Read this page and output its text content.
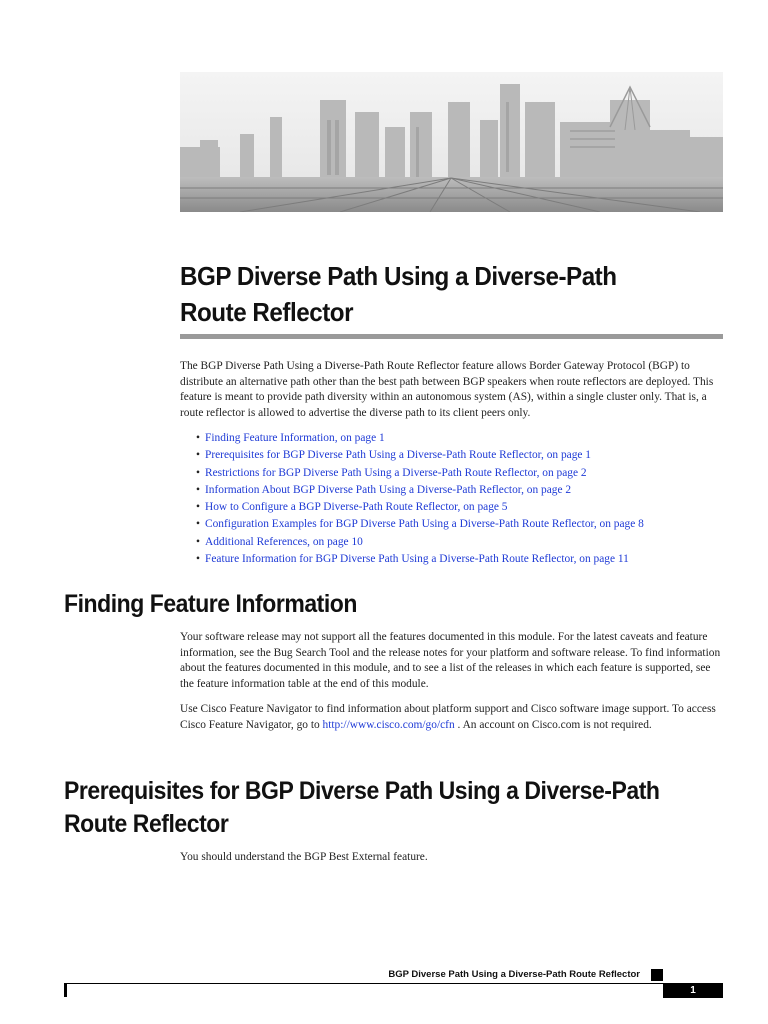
BGP Diverse Path Using a Diverse-Path Route Reflector

The BGP Diverse Path Using a Diverse-Path Route Reflector feature allows Border Gateway Protocol (BGP) to distribute an alternative path other than the best path between BGP speakers when route reflectors are deployed. This feature is meant to provide path diversity within an autonomous system (AS), within a single cluster only. That is, a route reflector is allowed to advertise the diverse path to its client peers only.

• Finding Feature Information, on page 1
• Prerequisites for BGP Diverse Path Using a Diverse-Path Route Reflector, on page 1
• Restrictions for BGP Diverse Path Using a Diverse-Path Route Reflector, on page 2
• Information About BGP Diverse Path Using a Diverse-Path Reflector, on page 2
• How to Configure a BGP Diverse-Path Route Reflector, on page 5
• Configuration Examples for BGP Diverse Path Using a Diverse-Path Route Reflector, on page 8
• Additional References, on page 10
• Feature Information for BGP Diverse Path Using a Diverse-Path Route Reflector, on page 11
Finding Feature Information

Your software release may not support all the features documented in this module. For the latest caveats and feature information, see the Bug Search Tool and the release notes for your platform and software release. To find information about the features documented in this module, and to see a list of the releases in which each feature is supported, see the feature information table at the end of this module.

Use Cisco Feature Navigator to find information about platform support and Cisco software image support. To access Cisco Feature Navigator, go to http://www.cisco.com/go/cfn . An account on Cisco.com is not required.

Prerequisites for BGP Diverse Path Using a Diverse-Path Route Reflector

You should understand the BGP Best External feature.

BGP Diverse Path Using a Diverse-Path Route Reflector
1
